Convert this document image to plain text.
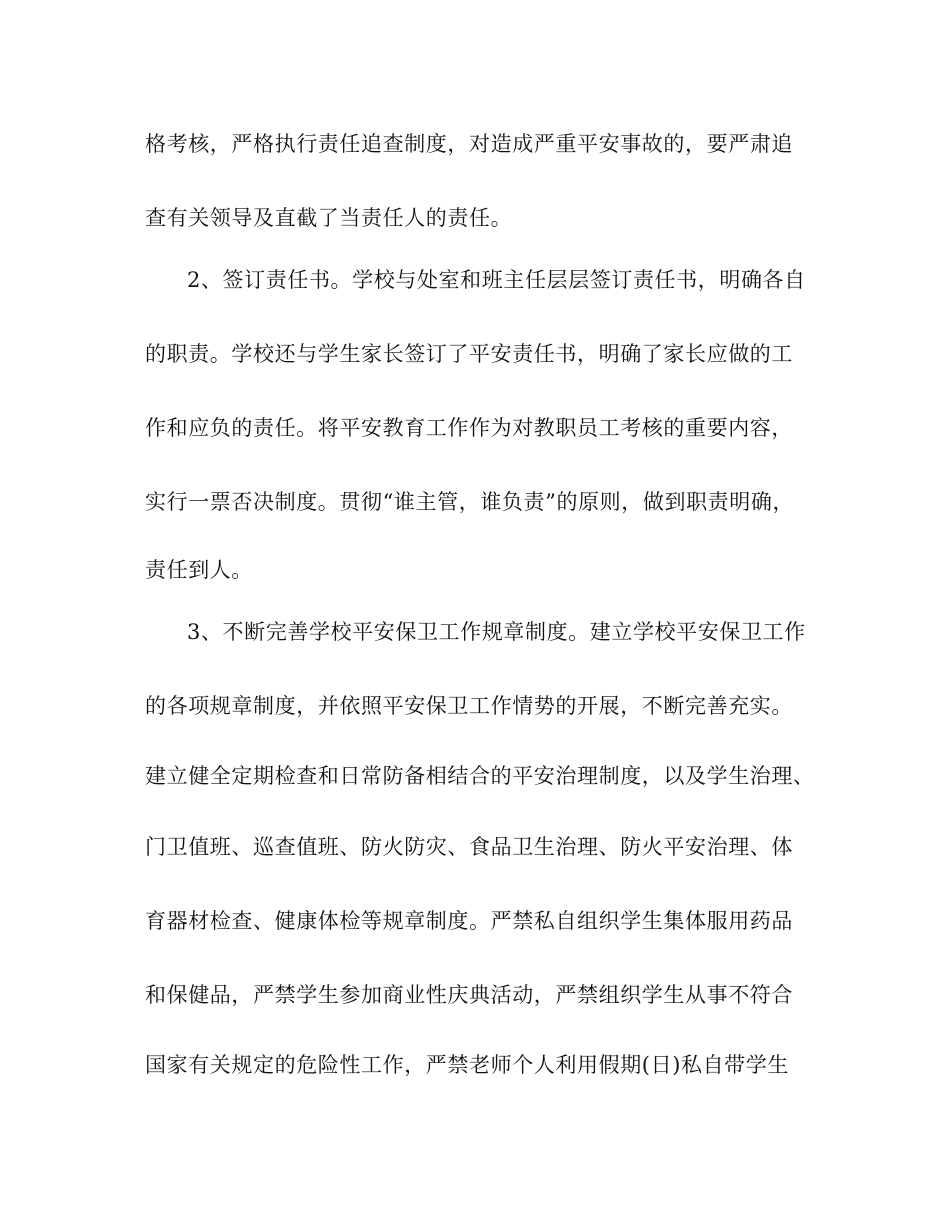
格考核，严格执行责任追查制度，对造成严重平安事故的，要严肃追
查有关领导及直截了当责任人的责任。
2、签订责任书。学校与处室和班主任层层签订责任书，明确各自
的职责。学校还与学生家长签订了平安责任书，明确了家长应做的工
作和应负的责任。将平安教育工作作为对教职员工考核的重要内容，
实行一票否决制度。贯彻“谁主管，谁负责”的原则，做到职责明确，
责任到人。
3、不断完善学校平安保卫工作规章制度。建立学校平安保卫工作
的各项规章制度，并依照平安保卫工作情势的开展，不断完善充实。
建立健全定期检查和日常防备相结合的平安治理制度，以及学生治理、
门卫值班、巡查值班、防火防灾、食品卫生治理、防火平安治理、体
育器材检查、健康体检等规章制度。严禁私自组织学生集体服用药品
和保健品，严禁学生参加商业性庆典活动，严禁组织学生从事不符合
国家有关规定的危险性工作，严禁老师个人利用假期(日)私自带学生
